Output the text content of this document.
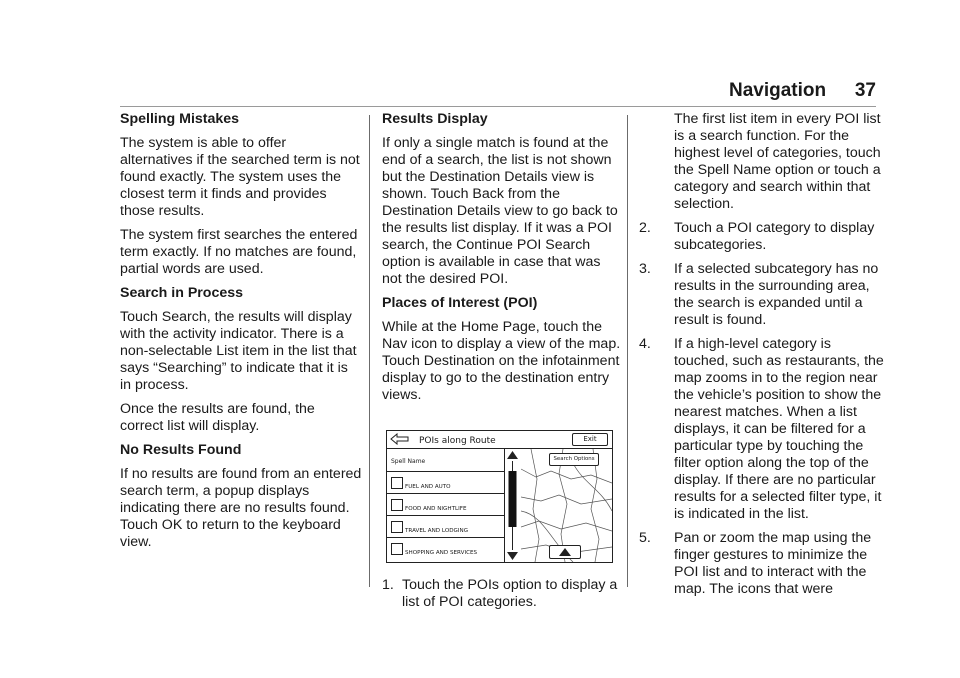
Navigation 37
Spelling Mistakes

The system is able to offer alternatives if the searched term is not found exactly. The system uses the closest term it finds and provides those results.

The system first searches the entered term exactly. If no matches are found, partial words are used.

Search in Process

Touch Search, the results will display with the activity indicator. There is a non-selectable List item in the list that says “Searching” to indicate that it is in process.

Once the results are found, the correct list will display.

No Results Found

If no results are found from an entered search term, a popup displays indicating there are no results found. Touch OK to return to the keyboard view.

Results Display

If only a single match is found at the end of a search, the list is not shown but the Destination Details view is shown. Touch Back from the Destination Details view to go back to the results list display. If it was a POI search, the Continue POI Search option is available in case that was not the desired POI.

Places of Interest (POI)

While at the Home Page, touch the Nav icon to display a view of the map. Touch Destination on the infotainment display to go to the destination entry views.

POIs along Route	Exit
Spell Name
FUEL AND AUTO
FOOD AND NIGHTLIFE
TRAVEL AND LODGING
SHOPPING AND SERVICES
Search Options
1. Touch the POIs option to display a list of POI categories.

The first list item in every POI list is a search function. For the highest level of categories, touch the Spell Name option or touch a category and search within that selection.

2. Touch a POI category to display subcategories.
3. If a selected subcategory has no results in the surrounding area, the search is expanded until a result is found.
4. If a high-level category is touched, such as restaurants, the map zooms in to the region near the vehicle’s position to show the nearest matches. When a list displays, it can be filtered for a particular type by touching the filter option along the top of the display. If there are no particular results for a selected filter type, it is indicated in the list.
5. Pan or zoom the map using the finger gestures to minimize the POI list and to interact with the map. The icons that were
